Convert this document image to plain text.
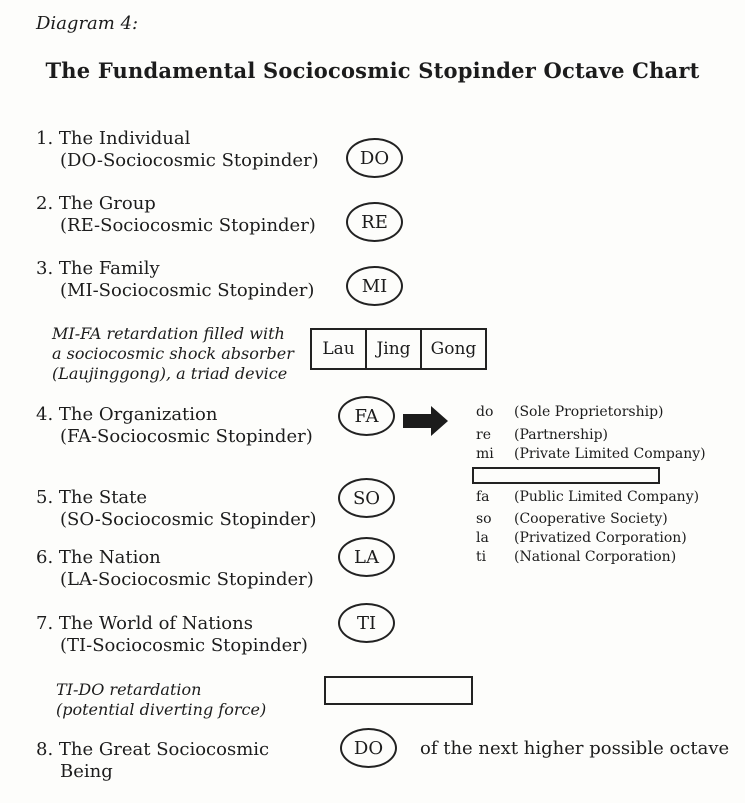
Diagram 4:
The Fundamental Sociocosmic Stopinder Octave Chart
1. The Individual
(DO-Sociocosmic Stopinder)	DO
2. The Group
(RE-Sociocosmic Stopinder)	RE
3. The Family
(MI-Sociocosmic Stopinder)	MI
MI-FA retardation filled with
a sociocosmic shock absorber
(Laujinggong), a triad device
Lau	Jing	Gong
4. The Organization
(FA-Sociocosmic Stopinder)
FA	do (Sole Proprietorship)
re (Partnership)
mi (Private Limited Company)
fa (Public Limited Company)
so (Cooperative Society)
la (Privatized Corporation)
ti (National Corporation)
5. The State
(SO-Sociocosmic Stopinder)
SO
6. The Nation
(LA-Sociocosmic Stopinder)
LA
7. The World of Nations
(TI-Sociocosmic Stopinder)
TI
TI-DO retardation
(potential diverting force)
8. The Great Sociocosmic
Being
DO	of the next higher possible octave
